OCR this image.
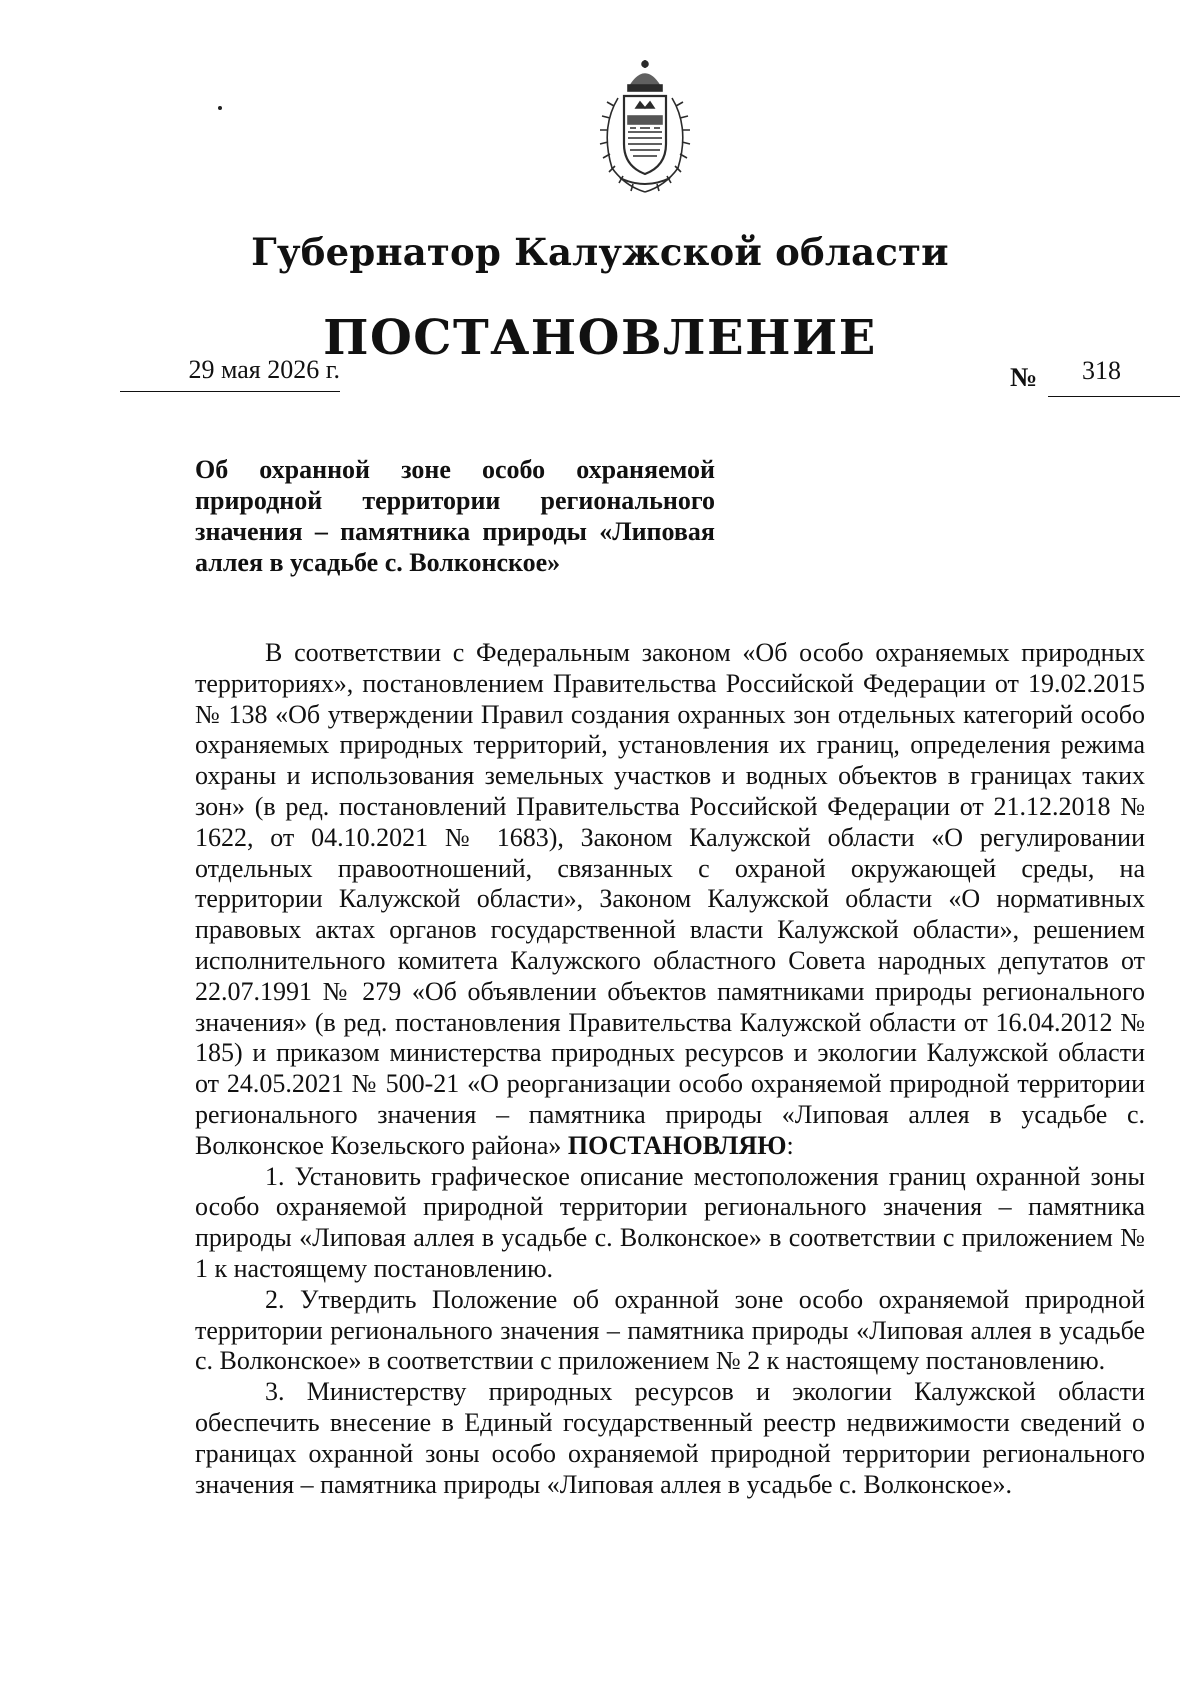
Губернатор Калужской области
ПОСТАНОВЛЕНИЕ
29 мая 2026 г.	№ 318
Об охранной зоне особо охраняемой природной территории регионального значения – памятника природы «Липовая аллея в усадьбе с. Волконское»

В соответствии с Федеральным законом «Об особо охраняемых природных территориях», постановлением Правительства Российской Федерации от 19.02.2015 № 138 «Об утверждении Правил создания охранных зон отдельных категорий особо охраняемых природных территорий, установления их границ, определения режима охраны и использования земельных участков и водных объектов в границах таких зон» (в ред. постановлений Правительства Российской Федерации от 21.12.2018 № 1622, от 04.10.2021 № 1683), Законом Калужской области «О регулировании отдельных правоотношений, связанных с охраной окружающей среды, на территории Калужской области», Законом Калужской области «О нормативных правовых актах органов государственной власти Калужской области», решением исполнительного комитета Калужского областного Совета народных депутатов от 22.07.1991 № 279 «Об объявлении объектов памятниками природы регионального значения» (в ред. постановления Правительства Калужской области от 16.04.2012 № 185) и приказом министерства природных ресурсов и экологии Калужской области от 24.05.2021 № 500-21 «О реорганизации особо охраняемой природной территории регионального значения – памятника природы «Липовая аллея в усадьбе с. Волконское Козельского района» ПОСТАНОВЛЯЮ:

1. Установить графическое описание местоположения границ охранной зоны особо охраняемой природной территории регионального значения – памятника природы «Липовая аллея в усадьбе с. Волконское» в соответствии с приложением № 1 к настоящему постановлению.

2. Утвердить Положение об охранной зоне особо охраняемой природной территории регионального значения – памятника природы «Липовая аллея в усадьбе с. Волконское» в соответствии с приложением № 2 к настоящему постановлению.

3. Министерству природных ресурсов и экологии Калужской области обеспечить внесение в Единый государственный реестр недвижимости сведений о границах охранной зоны особо охраняемой природной территории регионального значения – памятника природы «Липовая аллея в усадьбе с. Волконское».
